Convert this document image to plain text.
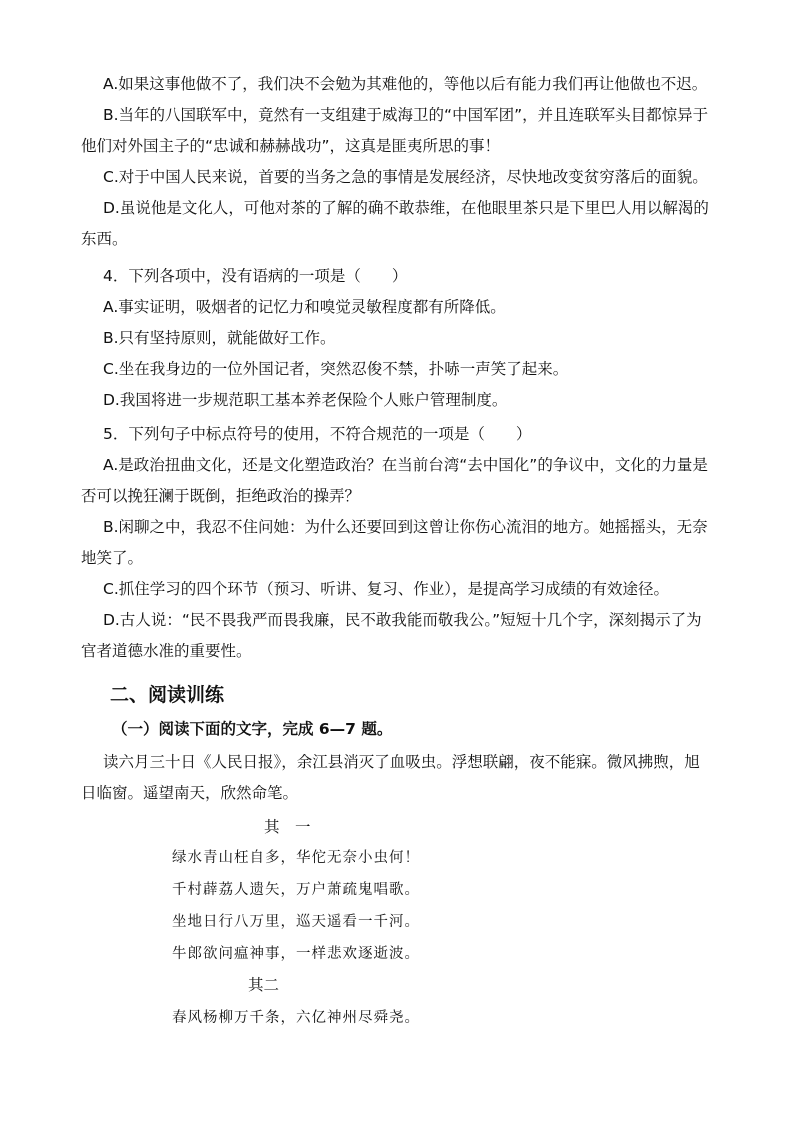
A.如果这事他做不了，我们决不会勉为其难他的，等他以后有能力我们再让他做也不迟。
B.当年的八国联军中，竟然有一支组建于威海卫的“中国军团”，并且连联军头目都惊异于
他们对外国主子的“忠诚和赫赫战功”，这真是匪夷所思的事！
C.对于中国人民来说，首要的当务之急的事情是发展经济，尽快地改变贫穷落后的面貌。
D.虽说他是文化人，可他对茶的了解的确不敢恭维，在他眼里茶只是下里巴人用以解渴的
东西。
4．下列各项中，没有语病的一项是（　　）
A.事实证明，吸烟者的记忆力和嗅觉灵敏程度都有所降低。
B.只有坚持原则，就能做好工作。
C.坐在我身边的一位外国记者，突然忍俊不禁，扑哧一声笑了起来。
D.我国将进一步规范职工基本养老保险个人账户管理制度。
5．下列句子中标点符号的使用，不符合规范的一项是（　　）
A.是政治扭曲文化，还是文化塑造政治？在当前台湾“去中国化”的争议中，文化的力量是
否可以挽狂澜于既倒，拒绝政治的操弄？
B.闲聊之中，我忍不住问她：为什么还要回到这曾让你伤心流泪的地方。她摇摇头，无奈
地笑了。
C.抓住学习的四个环节（预习、听讲、复习、作业），是提高学习成绩的有效途径。
D.古人说：“民不畏我严而畏我廉，民不敢我能而敬我公。”短短十几个字，深刻揭示了为
官者道德水准的重要性。
二、阅读训练
（一）阅读下面的文字，完成 6—7 题。
读六月三十日《人民日报》，余江县消灭了血吸虫。浮想联翩，夜不能寐。微风拂煦，旭
日临窗。遥望南天，欣然命笔。
其　一
绿水青山枉自多，华佗无奈小虫何！
千村薜荔人遗矢，万户萧疏鬼唱歌。
坐地日行八万里，巡天遥看一千河。
牛郎欲问瘟神事，一样悲欢逐逝波。
其二
春风杨柳万千条，六亿神州尽舜尧。
